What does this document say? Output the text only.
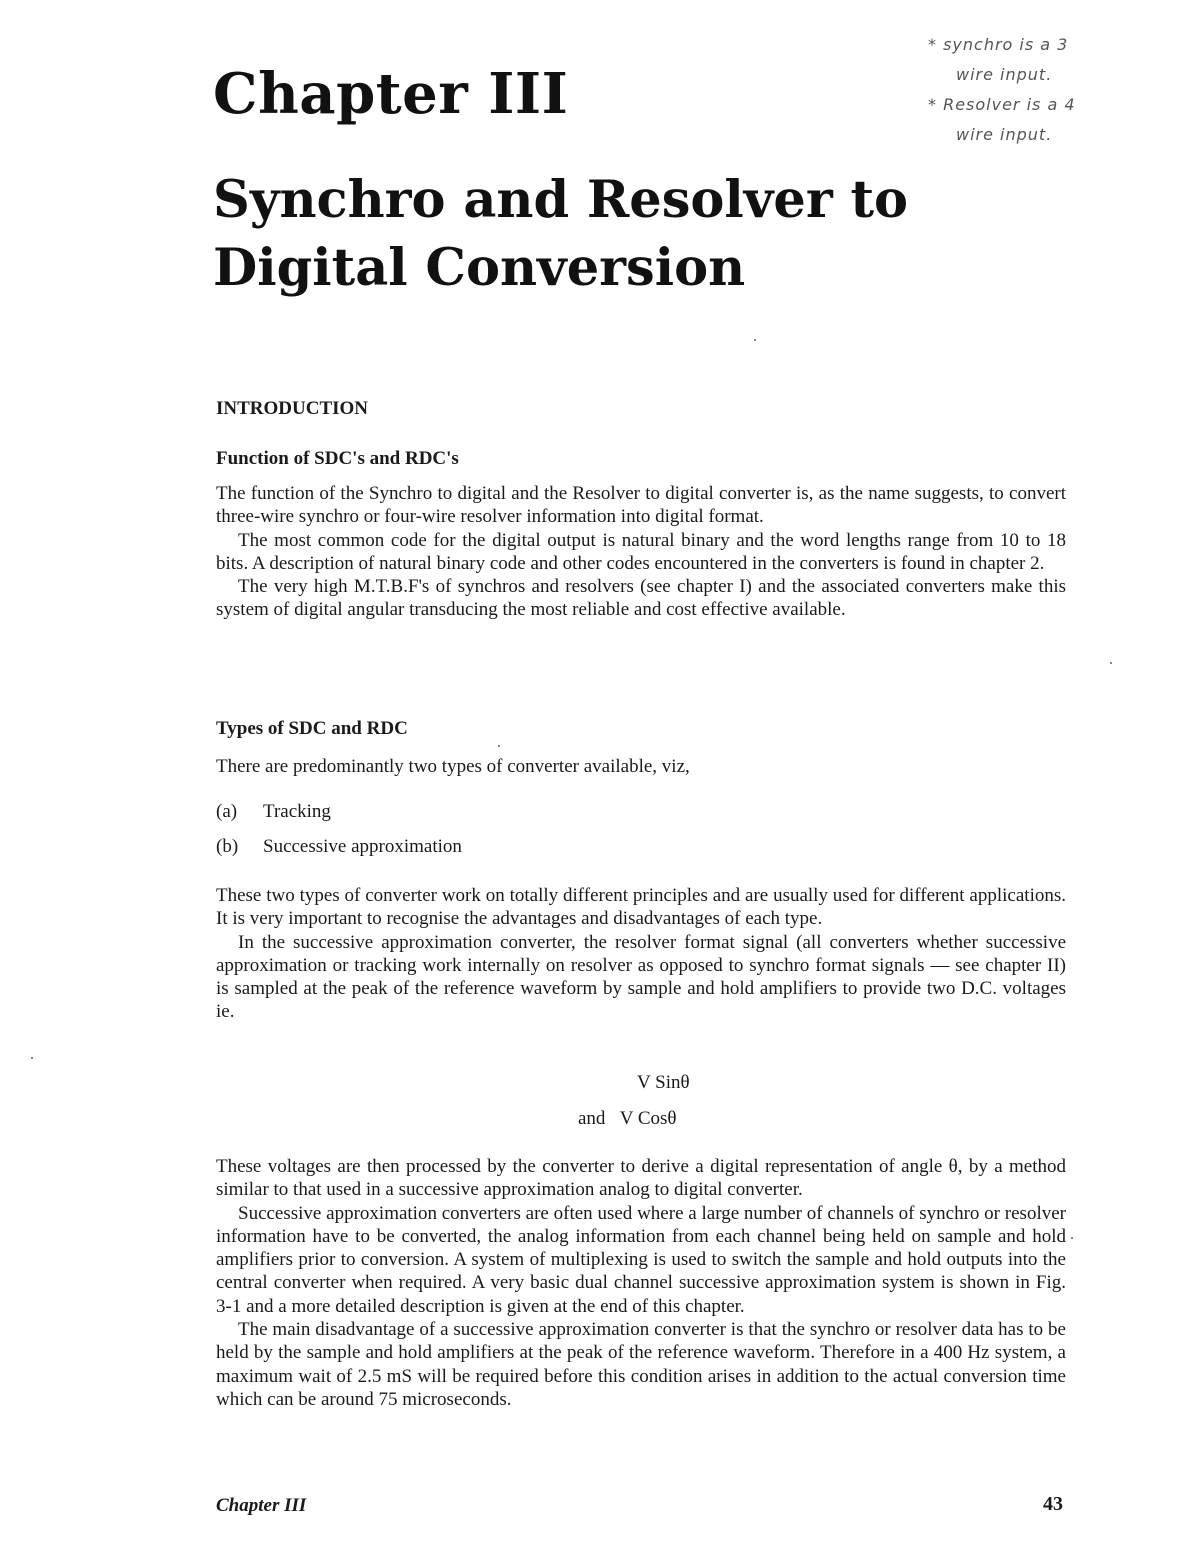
Chapter III
* synchro is a 3
wire input.
* Resolver is a 4
wire input.
Synchro and Resolver to
Digital Conversion
INTRODUCTION
Function of SDC's and RDC's

The function of the Synchro to digital and the Resolver to digital converter is, as the name suggests, to convert three-wire synchro or four-wire resolver information into digital format.

The most common code for the digital output is natural binary and the word lengths range from 10 to 18 bits. A description of natural binary code and other codes encountered in the converters is found in chapter 2.

The very high M.T.B.F's of synchros and resolvers (see chapter I) and the associated converters make this system of digital angular transducing the most reliable and cost effective available.

Types of SDC and RDC

There are predominantly two types of converter available, viz,

(a) Tracking
(b) Successive approximation

These two types of converter work on totally different principles and are usually used for different applications. It is very important to recognise the advantages and disadvantages of each type.

In the successive approximation converter, the resolver format signal (all converters whether successive approximation or tracking work internally on resolver as opposed to synchro format signals — see chapter II) is sampled at the peak of the reference waveform by sample and hold amplifiers to provide two D.C. voltages ie.

V Sinθ
and V Cosθ

These voltages are then processed by the converter to derive a digital representation of angle θ, by a method similar to that used in a successive approximation analog to digital converter.

Successive approximation converters are often used where a large number of channels of synchro or resolver information have to be converted, the analog information from each channel being held on sample and hold amplifiers prior to conversion. A system of multiplexing is used to switch the sample and hold outputs into the central converter when required. A very basic dual channel successive approximation system is shown in Fig. 3-1 and a more detailed description is given at the end of this chapter.

The main disadvantage of a successive approximation converter is that the synchro or resolver data has to be held by the sample and hold amplifiers at the peak of the reference waveform. Therefore in a 400 Hz system, a maximum wait of 2.5 mS will be required before this condition arises in addition to the actual conversion time which can be around 75 microseconds.

Chapter III	43
